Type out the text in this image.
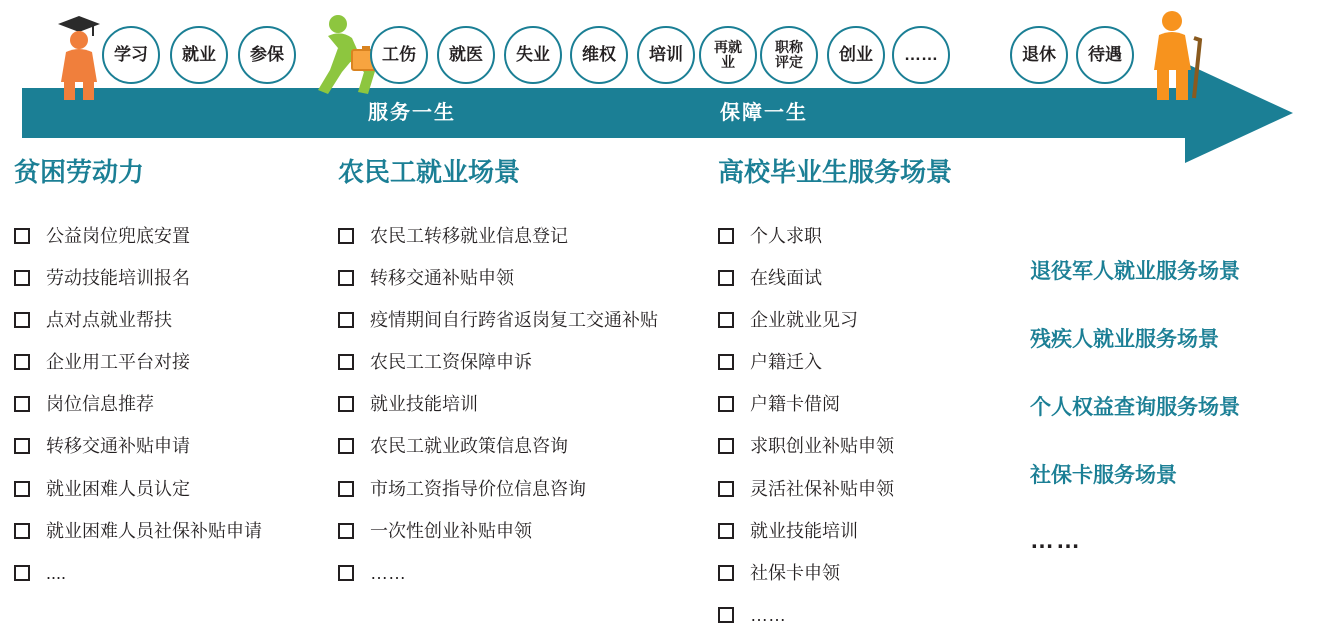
服务一生	保障一生
学习 就业 参保	工伤 就医 失业 维权 培训 再就
业
职称
评定 创业 ……	退休 待遇
贫困劳动力
公益岗位兜底安置
劳动技能培训报名
点对点就业帮扶
企业用工平台对接
岗位信息推荐
转移交通补贴申请
就业困难人员认定
就业困难人员社保补贴申请
....
农民工就业场景
农民工转移就业信息登记
转移交通补贴申领
疫情期间自行跨省返岗复工交通补贴
农民工工资保障申诉
就业技能培训
农民工就业政策信息咨询
市场工资指导价位信息咨询
一次性创业补贴申领
……
高校毕业生服务场景
个人求职
在线面试
企业就业见习
户籍迁入
户籍卡借阅
求职创业补贴申领
灵活社保补贴申领
就业技能培训
社保卡申领
……
退役军人就业服务场景
残疾人就业服务场景
个人权益查询服务场景
社保卡服务场景
……
